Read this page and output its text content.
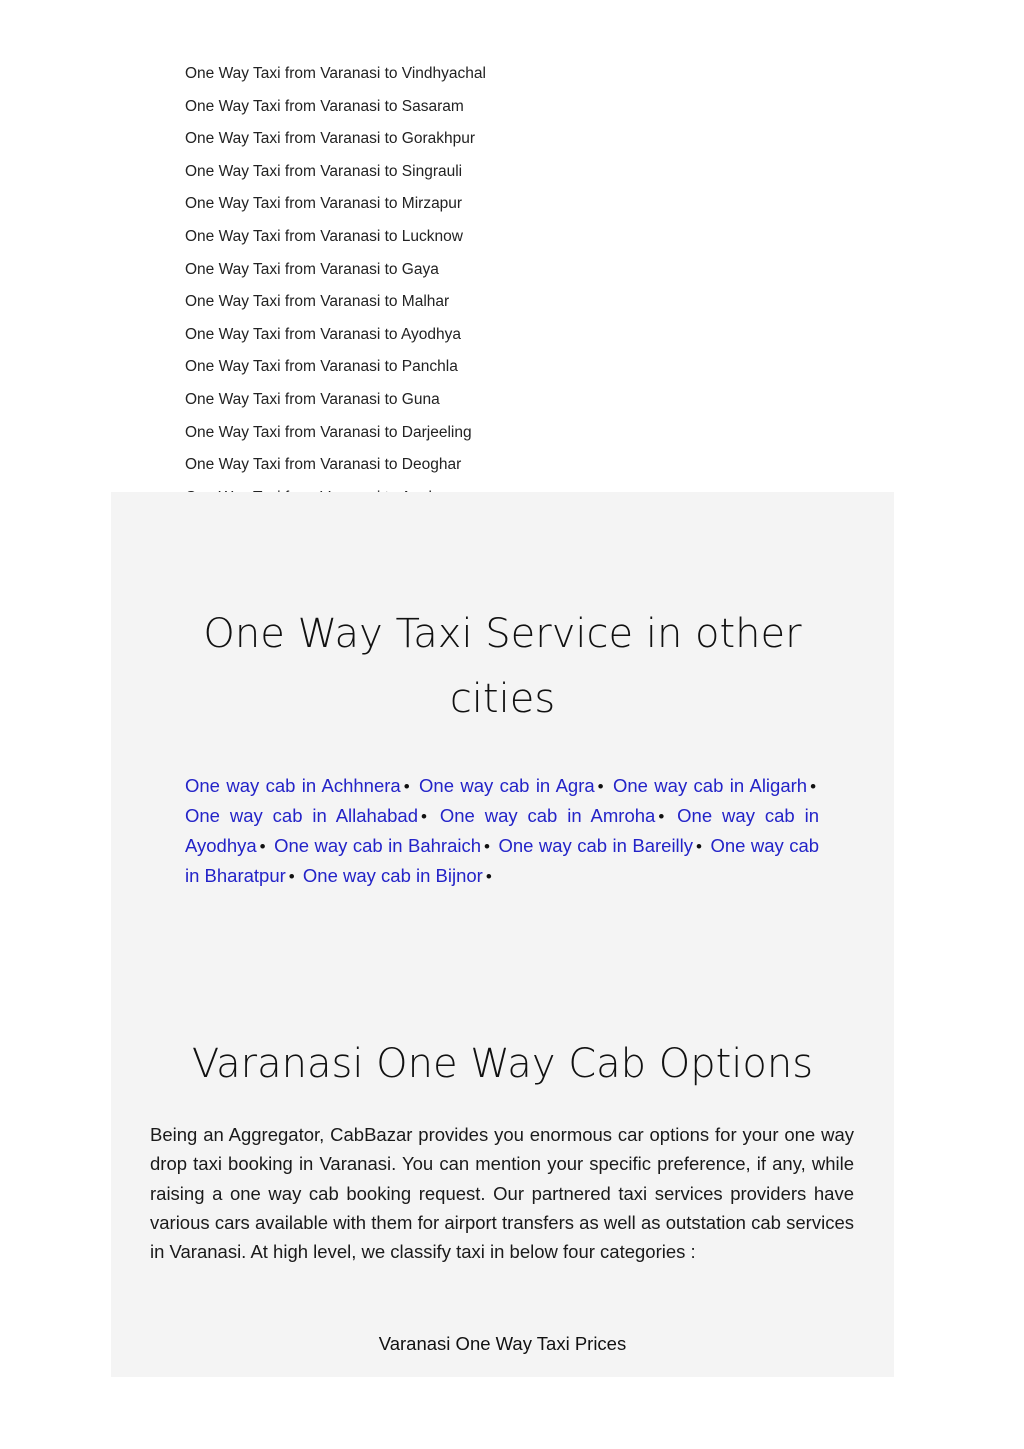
One Way Taxi from Varanasi to Vindhyachal
One Way Taxi from Varanasi to Sasaram
One Way Taxi from Varanasi to Gorakhpur
One Way Taxi from Varanasi to Singrauli
One Way Taxi from Varanasi to Mirzapur
One Way Taxi from Varanasi to Lucknow
One Way Taxi from Varanasi to Gaya
One Way Taxi from Varanasi to Malhar
One Way Taxi from Varanasi to Ayodhya
One Way Taxi from Varanasi to Panchla
One Way Taxi from Varanasi to Guna
One Way Taxi from Varanasi to Darjeeling
One Way Taxi from Varanasi to Deoghar
One Way Taxi Service in other cities

One way cab in Achhnera • One way cab in Agra • One way cab in Aligarh • One way cab in Allahabad • One way cab in Amroha • One way cab in Ayodhya • One way cab in Bahraich • One way cab in Bareilly • One way cab in Bharatpur • One way cab in Bijnor •

Varanasi One Way Cab Options

Being an Aggregator, CabBazar provides you enormous car options for your one way drop taxi booking in Varanasi. You can mention your specific preference, if any, while raising a one way cab booking request. Our partnered taxi services providers have various cars available with them for airport transfers as well as outstation cab services in Varanasi. At high level, we classify taxi in below four categories :

Varanasi One Way Taxi Prices
